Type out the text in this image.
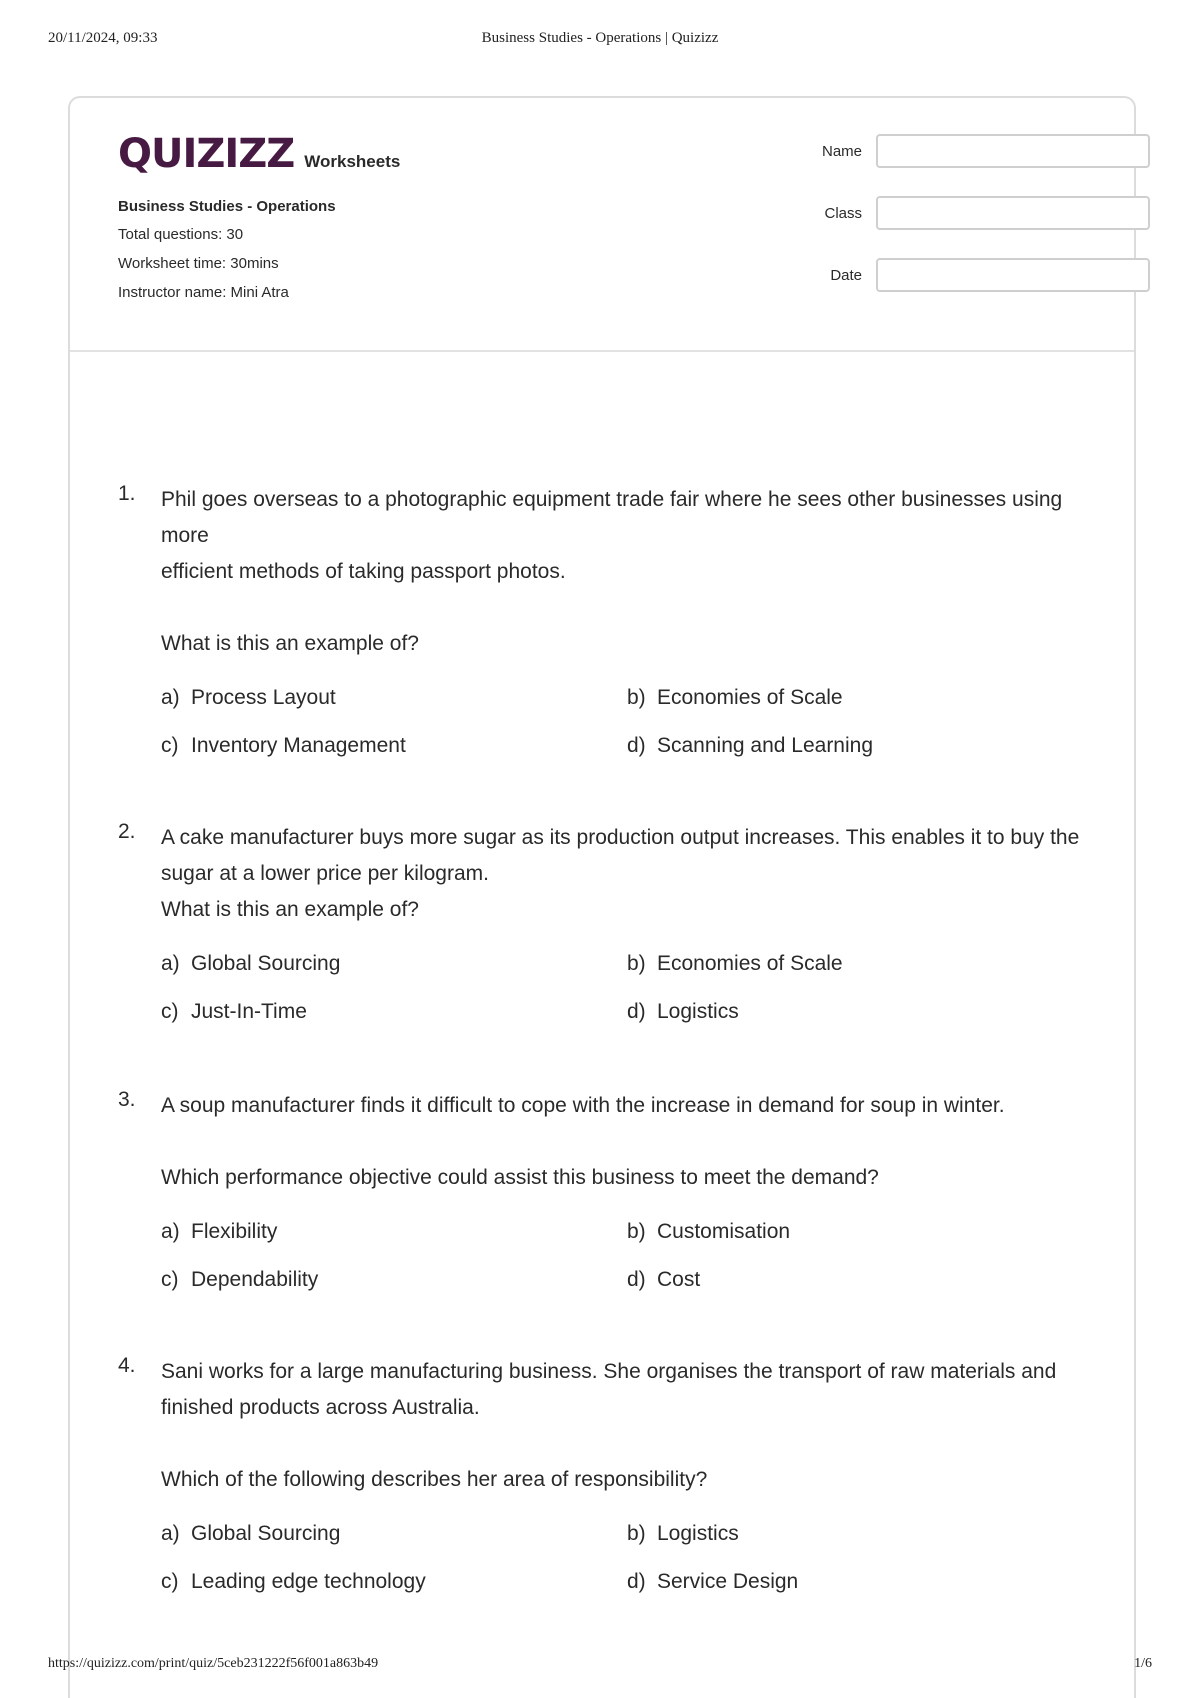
20/11/2024, 09:33	Business Studies - Operations | Quizizz
QUIZIZZ Worksheets
Business Studies - Operations
Total questions: 30
Worksheet time: 30mins
Instructor name: Mini Atra
Name
Class
Date
1. Phil goes overseas to a photographic equipment trade fair where he sees other businesses using more
efficient methods of taking passport photos.
What is this an example of?
a) Process Layout	b) Economies of Scale
c) Inventory Management	d) Scanning and Learning
2. A cake manufacturer buys more sugar as its production output increases. This enables it to buy the sugar at a lower price per kilogram.
What is this an example of?
a) Global Sourcing	b) Economies of Scale
c) Just-In-Time	d) Logistics
3. A soup manufacturer finds it difficult to cope with the increase in demand for soup in winter.
Which performance objective could assist this business to meet the demand?
a) Flexibility	b) Customisation
c) Dependability	d) Cost
4. Sani works for a large manufacturing business. She organises the transport of raw materials and finished products across Australia.
Which of the following describes her area of responsibility?
a) Global Sourcing	b) Logistics
c) Leading edge technology	d) Service Design
https://quizizz.com/print/quiz/5ceb231222f56f001a863b49	1/6
